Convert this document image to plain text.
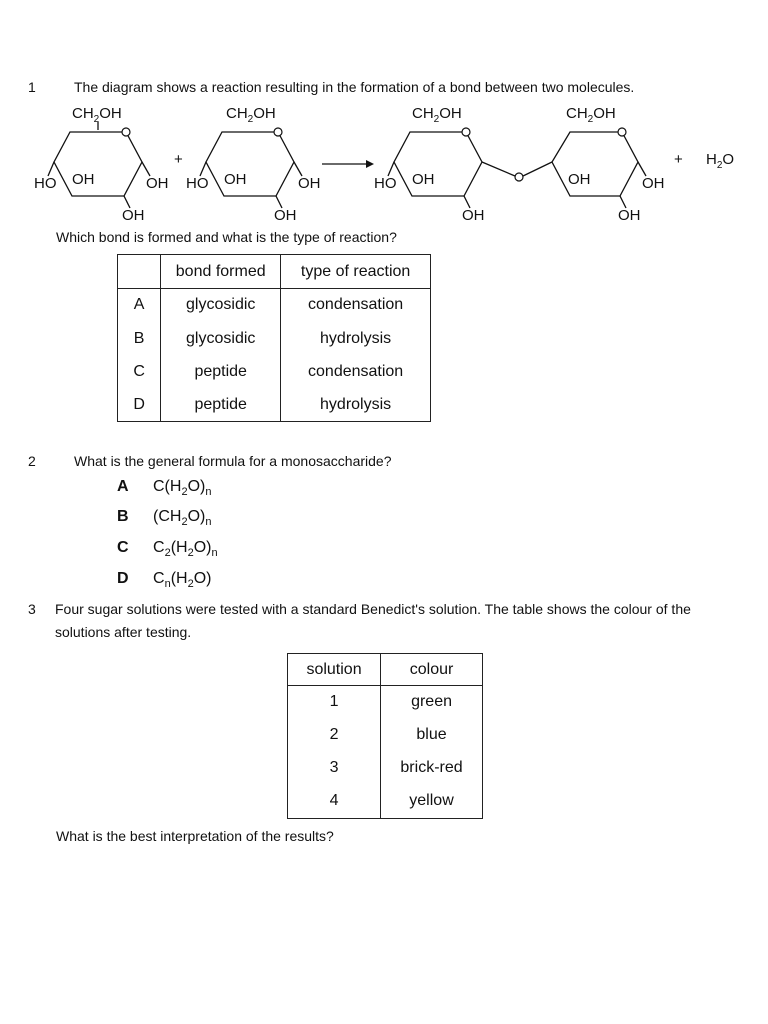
1	The diagram shows a reaction resulting in the formation of a bond between two molecules.
$CH_2OH$
HO OH	OH
OH
+
$CH_2OH$
HO OH	OH
OH
$CH_2OH$
HO OH
OH
$CH_2OH$
OH	OH
OH
+ $H_2O$
Which bond is formed and what is the type of reaction?
	bond formed	type of reaction
A	glycosidic	condensation
B	glycosidic	hydrolysis
C	peptide	condensation
D	peptide	hydrolysis
2	What is the general formula for a monosaccharide?
A $C(H_2O)_n$
B $(CH_2O)_n$
C $C_2(H_2O)_n$
D $C_n(H_2O)$
3 Four sugar solutions were tested with a standard Benedict's solution. The table shows the colour of the
solutions after testing.
solution	colour
1	green
2	blue
3	brick-red
4	yellow
What is the best interpretation of the results?
